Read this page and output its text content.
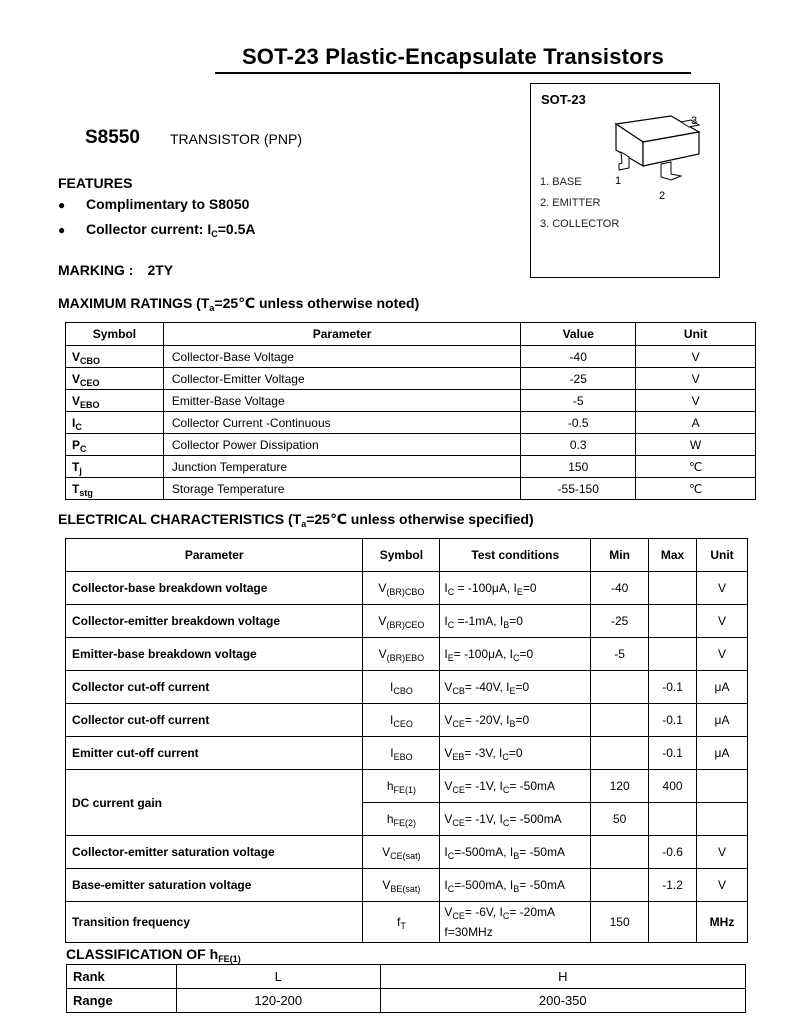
SOT-23 Plastic-Encapsulate Transistors
S8550 TRANSISTOR (PNP)
FEATURES
● Complimentary to S8050
● Collector current: $I_C=0.5A$
MARKING : 2TY
SOT-23
3
1
2
1. BASE
2. EMITTER
3. COLLECTOR
MAXIMUM RATINGS ($T_a=25℃$ unless otherwise noted)
Symbol	Parameter	Value	Unit
$V_{CBO}$	Collector-Base Voltage	-40	V
$V_{CEO}$	Collector-Emitter Voltage	-25	V
$V_{EBO}$	Emitter-Base Voltage	-5	V
$I_C$	Collector Current -Continuous	-0.5	A
$P_C$	Collector Power Dissipation	0.3	W
$T_j$	Junction Temperature	150	℃
$T_{stg}$	Storage Temperature	-55-150	℃
ELECTRICAL CHARACTERISTICS ($T_a=25℃$ unless otherwise specified)
Parameter	Symbol	Test conditions	Min	Max	Unit
Collector-base breakdown voltage	$V_{(BR)CBO}$	$I_C = -100\mu A$, $I_E=0$	-40		V
Collector-emitter breakdown voltage	$V_{(BR)CEO}$	$I_C =-1mA$, $I_B=0$	-25		V
Emitter-base breakdown voltage	$V_{(BR)EBO}$	$I_E= -100\mu A$, $I_C=0$	-5		V
Collector cut-off current	$I_{CBO}$	$V_{CB}= -40V$, $I_E=0$		-0.1	μA
Collector cut-off current	$I_{CEO}$	$V_{CE}= -20V$, $I_B=0$		-0.1	μA
Emitter cut-off current	$I_{EBO}$	$V_{EB}= -3V$, $I_C=0$		-0.1	μA
DC current gain	$h_{FE(1)}$	$V_{CE}= -1V$, $I_C= -50mA$	120	400	
	$h_{FE(2)}$	$V_{CE}= -1V$, $I_C= -500mA$	50		
Collector-emitter saturation voltage	$V_{CE(sat)}$	$I_C=-500mA$, $I_B= -50mA$		-0.6	V
Base-emitter saturation voltage	$V_{BE(sat)}$	$I_C=-500mA$, $I_B= -50mA$		-1.2	V
Transition frequency	$f_T$	$V_{CE}= -6V$, $I_C= -20mA$
f=30MHz	150		MHz
CLASSIFICATION OF $h_{FE(1)}$
Rank	L	H
Range	120-200	200-350
